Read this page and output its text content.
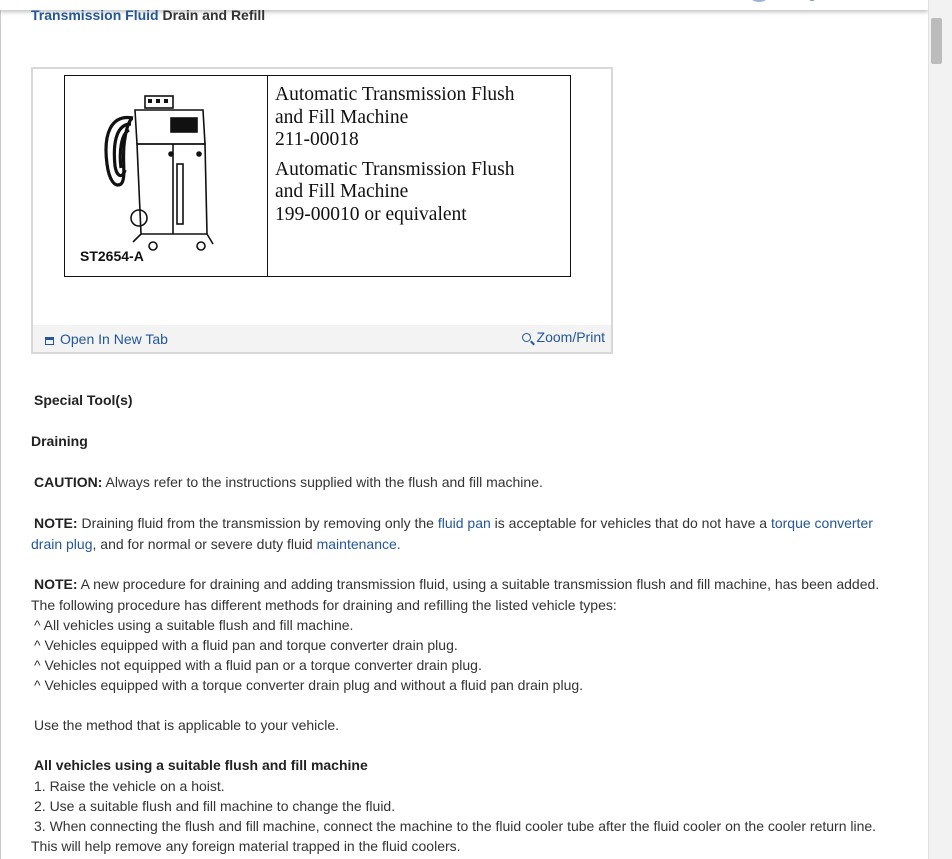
Transmission Fluid Drain and Refill
ST2654-A
Automatic Transmission Flush
and Fill Machine
211-00018
Automatic Transmission Flush
and Fill Machine
199-00010 or equivalent
Open In New Tab	Zoom/Print
Special Tool(s)
Draining
CAUTION: Always refer to the instructions supplied with the flush and fill machine.
NOTE: Draining fluid from the transmission by removing only the fluid pan is acceptable for vehicles that do not have a torque converter
drain plug, and for normal or severe duty fluid maintenance.
NOTE: A new procedure for draining and adding transmission fluid, using a suitable transmission flush and fill machine, has been added.
The following procedure has different methods for draining and refilling the listed vehicle types:
^ All vehicles using a suitable flush and fill machine.
^ Vehicles equipped with a fluid pan and torque converter drain plug.
^ Vehicles not equipped with a fluid pan or a torque converter drain plug.
^ Vehicles equipped with a torque converter drain plug and without a fluid pan drain plug.
Use the method that is applicable to your vehicle.
All vehicles using a suitable flush and fill machine
1. Raise the vehicle on a hoist.
2. Use a suitable flush and fill machine to change the fluid.
3. When connecting the flush and fill machine, connect the machine to the fluid cooler tube after the fluid cooler on the cooler return line.
This will help remove any foreign material trapped in the fluid coolers.
